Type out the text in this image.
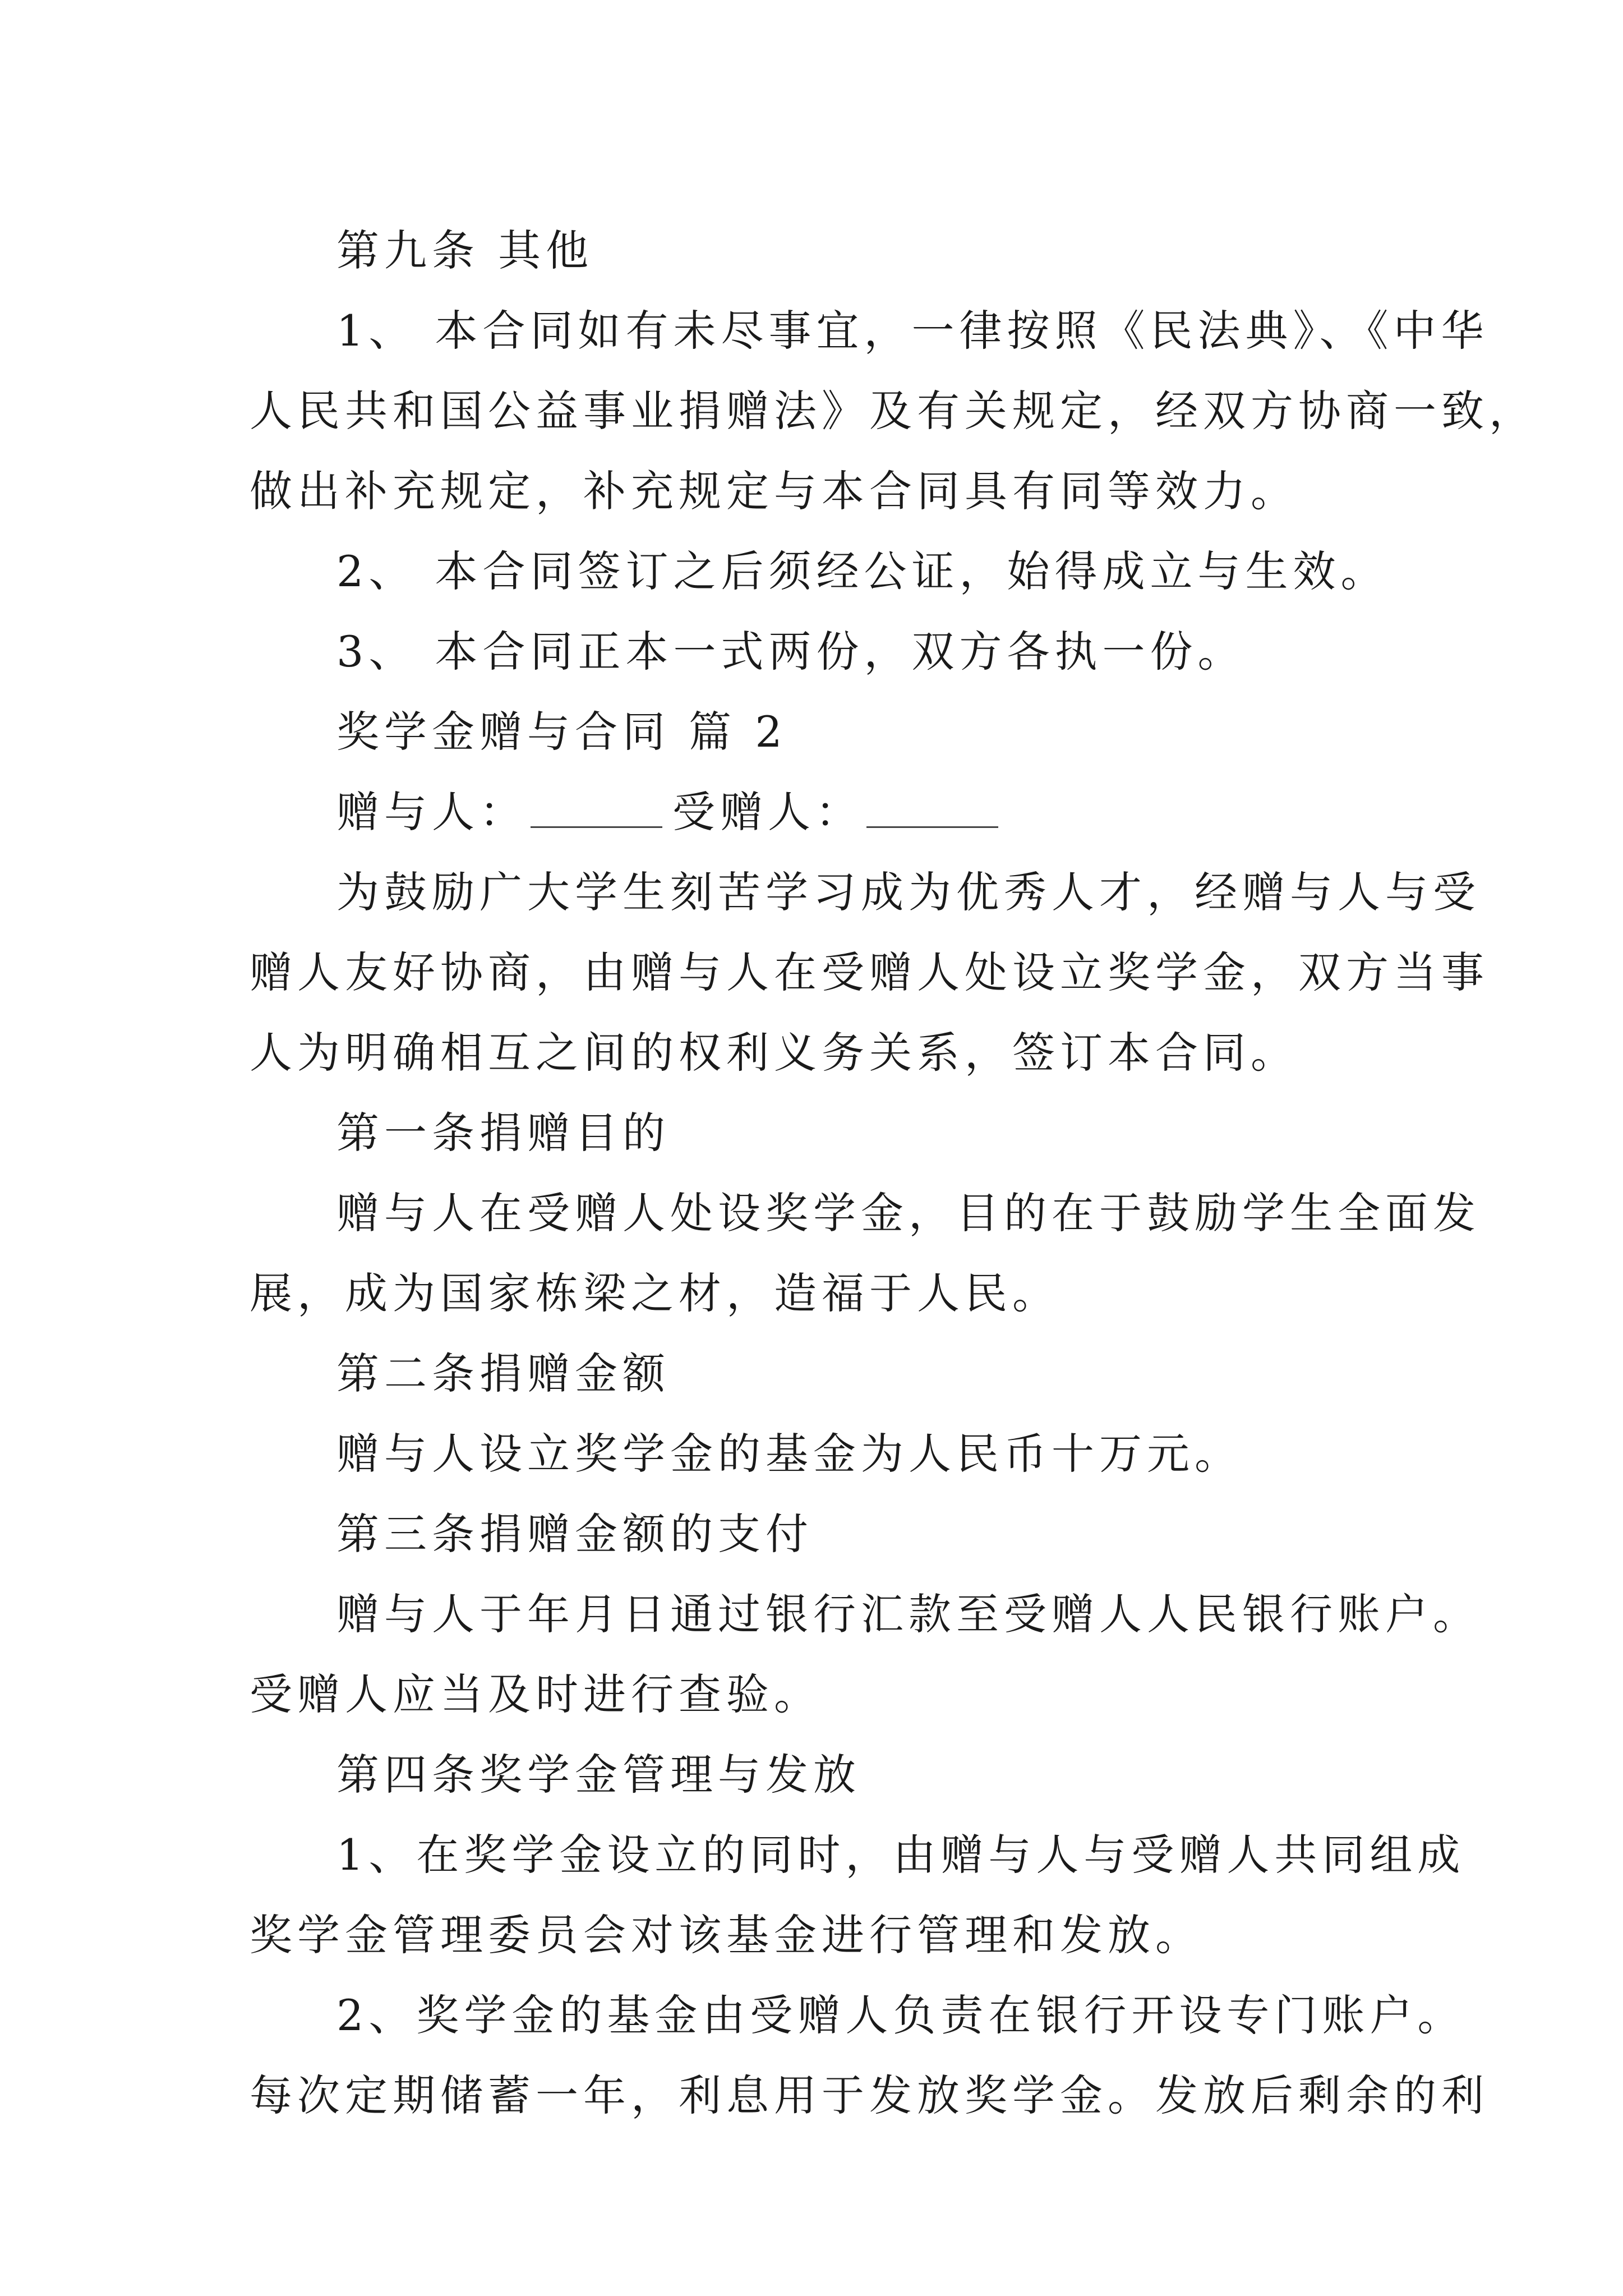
第九条 其他
1、 本合同如有未尽事宜，一律按照《民法典》、《中华
人民共和国公益事业捐赠法》及有关规定，经双方协商一致，
做出补充规定，补充规定与本合同具有同等效力。
2、 本合同签订之后须经公证，始得成立与生效。
3、 本合同正本一式两份，双方各执一份。
奖学金赠与合同 篇 2
赠与人：	受赠人：
为鼓励广大学生刻苦学习成为优秀人才，经赠与人与受
赠人友好协商，由赠与人在受赠人处设立奖学金，双方当事
人为明确相互之间的权利义务关系，签订本合同。
第一条捐赠目的
赠与人在受赠人处设奖学金，目的在于鼓励学生全面发
展，成为国家栋梁之材，造福于人民。
第二条捐赠金额
赠与人设立奖学金的基金为人民币十万元。
第三条捐赠金额的支付
赠与人于年月日通过银行汇款至受赠人人民银行账户。
受赠人应当及时进行查验。
第四条奖学金管理与发放
1、在奖学金设立的同时，由赠与人与受赠人共同组成
奖学金管理委员会对该基金进行管理和发放。
2、奖学金的基金由受赠人负责在银行开设专门账户。
每次定期储蓄一年，利息用于发放奖学金。发放后剩余的利
